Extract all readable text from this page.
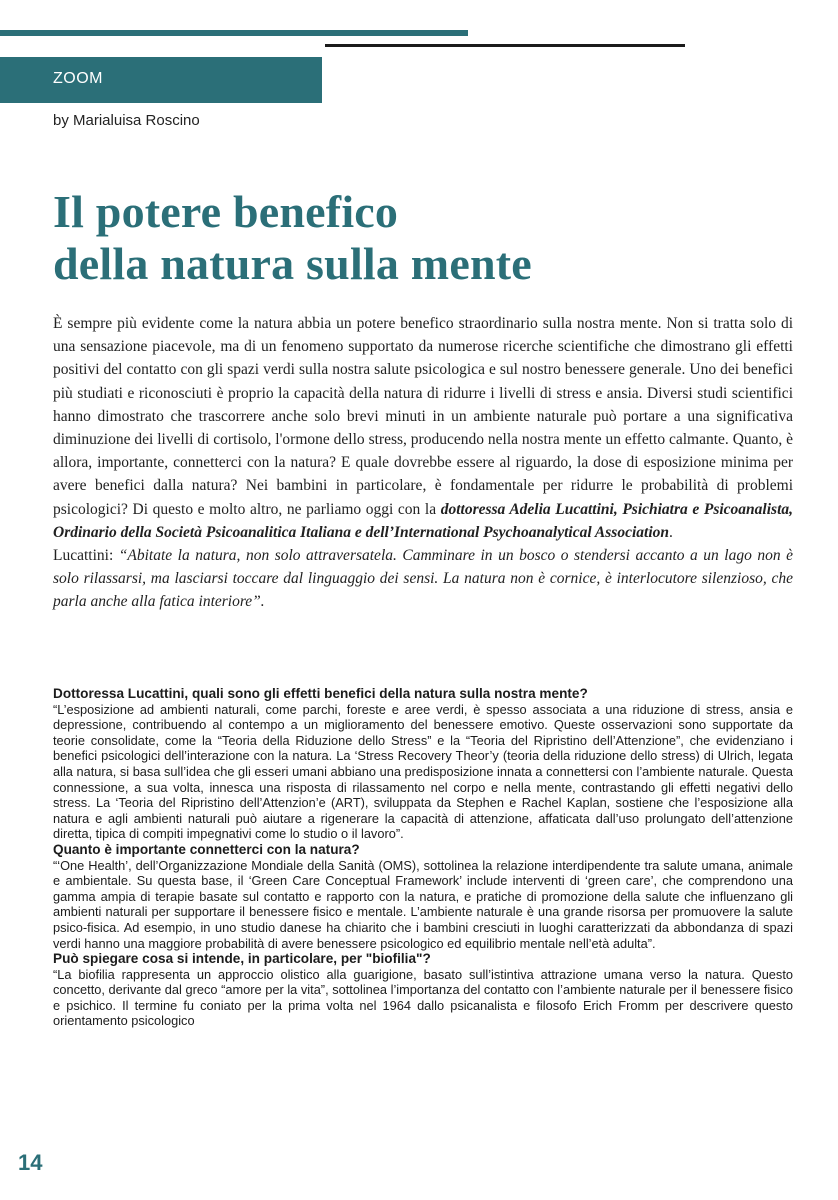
ZOOM
by Marialuisa Roscino
Il potere benefico
della natura sulla mente
È sempre più evidente come la natura abbia un potere benefico straordinario sulla nostra mente. Non si tratta solo di una sensazione piacevole, ma di un fenomeno supportato da numerose ricerche scientifiche che dimostrano gli effetti positivi del contatto con gli spazi verdi sulla nostra salute psicologica e sul nostro benessere generale. Uno dei benefici più studiati e riconosciuti è proprio la capacità della natura di ridurre i livelli di stress e ansia. Diversi studi scientifici hanno dimostrato che trascorrere anche solo brevi minuti in un ambiente naturale può portare a una significativa diminuzione dei livelli di cortisolo, l'ormone dello stress, producendo nella nostra mente un effetto calmante. Quanto, è allora, importante, connetterci con la natura? E quale dovrebbe essere al riguardo, la dose di esposizione minima per avere benefici dalla natura? Nei bambini in particolare, è fondamentale per ridurre le probabilità di problemi psicologici? Di questo e molto altro, ne parliamo oggi con la dottoressa Adelia Lucattini, Psichiatra e Psicoanalista, Ordinario della Società Psicoanalitica Italiana e dell’International Psychoanalytical Association.
Lucattini: “Abitate la natura, non solo attraversatela. Camminare in un bosco o stendersi accanto a un lago non è solo rilassarsi, ma lasciarsi toccare dal linguaggio dei sensi. La natura non è cornice, è interlocutore silenzioso, che parla anche alla fatica interiore”.

Dottoressa Lucattini, quali sono gli effetti benefici della natura sulla nostra mente?

“L’esposizione ad ambienti naturali, come parchi, foreste e aree verdi, è spesso associata a una riduzione di stress, ansia e depressione, contribuendo al contempo a un miglioramento del benessere emotivo. Queste osservazioni sono supportate da teorie consolidate, come la “Teoria della Riduzione dello Stress” e la “Teoria del Ripristino dell’Attenzione”, che evidenziano i benefici psicologici dell’interazione con la natura. La ‘Stress Recovery Theor’y (teoria della riduzione dello stress) di Ulrich, legata alla natura, si basa sull’idea che gli esseri umani abbiano una predisposizione innata a connettersi con l’ambiente naturale. Questa connessione, a sua volta, innesca una risposta di rilassamento nel corpo e nella mente, contrastando gli effetti negativi dello stress. La ‘Teoria del Ripristino dell’Attenzion’e (ART), sviluppata da Stephen e Rachel Kaplan, sostiene che l’esposizione alla natura e agli ambienti naturali può aiutare a rigenerare la capacità di attenzione, affaticata dall’uso prolungato dell’attenzione diretta, tipica di compiti impegnativi come lo studio o il lavoro”.

Quanto è importante connetterci con la natura?

“‘One Health’, dell’Organizzazione Mondiale della Sanità (OMS), sottolinea la relazione interdipendente tra salute umana, animale e ambientale. Su questa base, il ‘Green Care Conceptual Framework’ include interventi di ‘green care’, che comprendono una gamma ampia di terapie basate sul contatto e rapporto con la natura, e pratiche di promozione della salute che influenzano gli ambienti naturali per supportare il benessere fisico e mentale. L’ambiente naturale è una grande risorsa per promuovere la salute psico-fisica. Ad esempio, in uno studio danese ha chiarito che i bambini cresciuti in luoghi caratterizzati da abbondanza di spazi verdi hanno una maggiore probabilità di avere benessere psicologico ed equilibrio mentale nell’età adulta”.

Può spiegare cosa si intende, in particolare, per "biofilia"?

“La biofilia rappresenta un approccio olistico alla guarigione, basato sull’istintiva attrazione umana verso la natura. Questo concetto, derivante dal greco “amore per la vita”, sottolinea l’importanza del contatto con l’ambiente naturale per il benessere fisico e psichico. Il termine fu coniato per la prima volta nel 1964 dallo psicanalista e filosofo Erich Fromm per descrivere questo orientamento psicologico

14
